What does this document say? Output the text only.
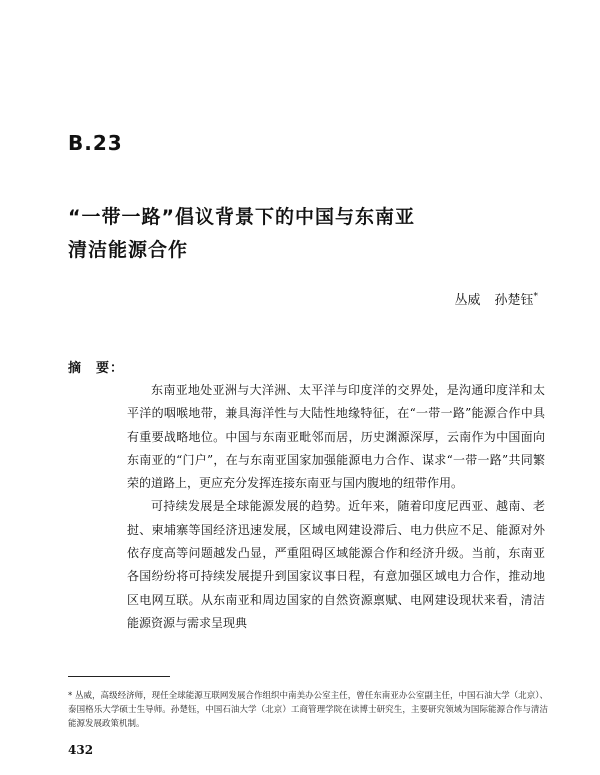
B.23
“一带一路”倡议背景下的中国与东南亚
清洁能源合作
丛威 孙楚钰*
摘　要：

东南亚地处亚洲与大洋洲、太平洋与印度洋的交界处，是沟通印度洋和太平洋的咽喉地带，兼具海洋性与大陆性地缘特征，在“一带一路”能源合作中具有重要战略地位。中国与东南亚毗邻而居，历史渊源深厚，云南作为中国面向东南亚的“门户”，在与东南亚国家加强能源电力合作、谋求“一带一路”共同繁荣的道路上，更应充分发挥连接东南亚与国内腹地的纽带作用。

可持续发展是全球能源发展的趋势。近年来，随着印度尼西亚、越南、老挝、柬埔寨等国经济迅速发展，区域电网建设滞后、电力供应不足、能源对外依存度高等问题越发凸显，严重阻碍区域能源合作和经济升级。当前，东南亚各国纷纷将可持续发展提升到国家议事日程，有意加强区域电力合作，推动地区电网互联。从东南亚和周边国家的自然资源禀赋、电网建设现状来看，清洁能源资源与需求呈现典

* 丛威，高级经济师，现任全球能源互联网发展合作组织中南美办公室主任，曾任东南亚办公室副主任，中国石油大学（北京）、泰国格乐大学硕士生导师。孙楚钰，中国石油大学（北京）工商管理学院在读博士研究生，主要研究领域为国际能源合作与清洁能源发展政策机制。
432
